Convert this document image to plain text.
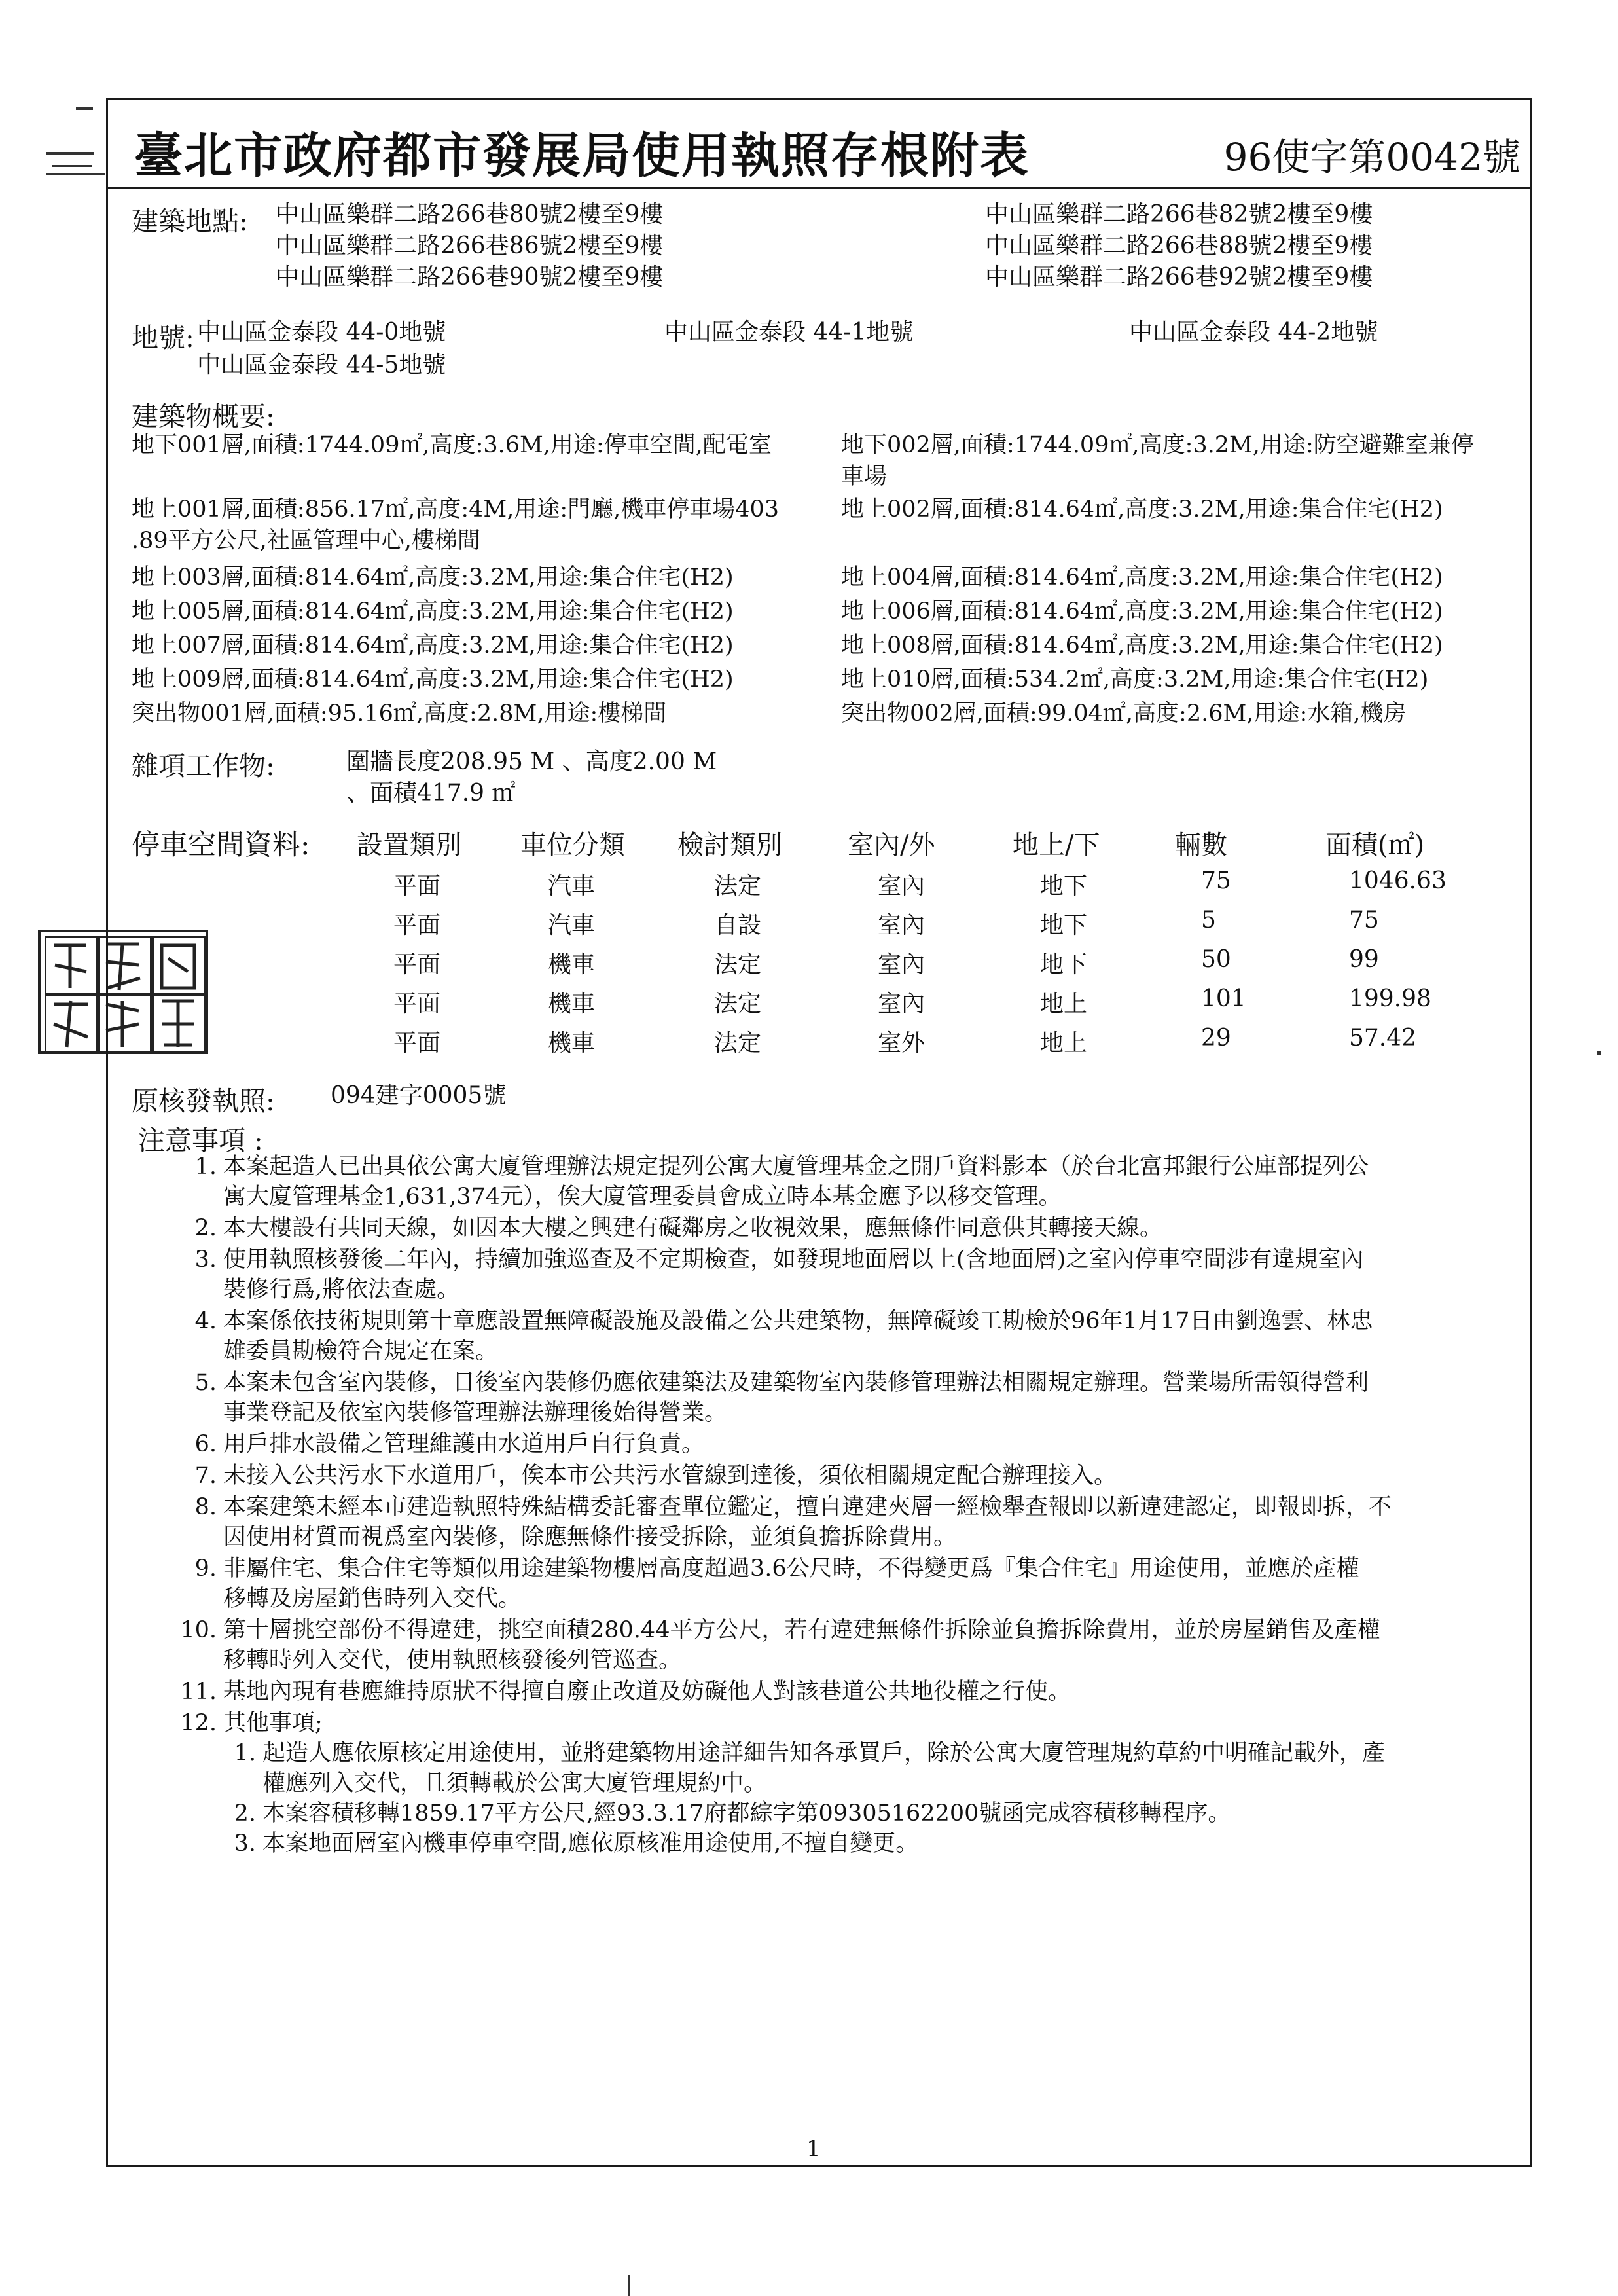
臺北市政府都市發展局使用執照存根附表	96使字第0042號
建築地點: 中山區樂群二路266巷80號2樓至9樓	中山區樂群二路266巷82號2樓至9樓
中山區樂群二路266巷86號2樓至9樓	中山區樂群二路266巷88號2樓至9樓
中山區樂群二路266巷90號2樓至9樓	中山區樂群二路266巷92號2樓至9樓
地號: 中山區金泰段 44-0地號	中山區金泰段 44-1地號	中山區金泰段 44-2地號
中山區金泰段 44-5地號
建築物概要:
地下001層,面積:1744.09㎡,高度:3.6M,用途:停車空間,配電室	地下002層,面積:1744.09㎡,高度:3.2M,用途:防空避難室兼停
車場
地上001層,面積:856.17㎡,高度:4M,用途:門廳,機車停車場403	地上002層,面積:814.64㎡,高度:3.2M,用途:集合住宅(H2)
.89平方公尺,社區管理中心,樓梯間
地上003層,面積:814.64㎡,高度:3.2M,用途:集合住宅(H2)	地上004層,面積:814.64㎡,高度:3.2M,用途:集合住宅(H2)
地上005層,面積:814.64㎡,高度:3.2M,用途:集合住宅(H2)	地上006層,面積:814.64㎡,高度:3.2M,用途:集合住宅(H2)
地上007層,面積:814.64㎡,高度:3.2M,用途:集合住宅(H2)	地上008層,面積:814.64㎡,高度:3.2M,用途:集合住宅(H2)
地上009層,面積:814.64㎡,高度:3.2M,用途:集合住宅(H2)	地上010層,面積:534.2㎡,高度:3.2M,用途:集合住宅(H2)
突出物001層,面積:95.16㎡,高度:2.8M,用途:樓梯間	突出物002層,面積:99.04㎡,高度:2.6M,用途:水箱,機房
雜項工作物:	圍牆長度208.95 M 、高度2.00 M
、面積417.9 ㎡
停車空間資料: 設置類別 車位分類 檢討類別	室內/外	地上/下	輛數	面積(㎡)
平面	汽車	法定	室內	地下	75	1046.63
平面	汽車	自設	室內	地下	5	75
平面	機車	法定	室內	地下	50	99
平面	機車	法定	室內	地上	101	199.98
平面	機車	法定	室外	地上	29	57.42
原核發執照: 094建字0005號
注意事項 :
1. 本案起造人已出具依公寓大廈管理辦法規定提列公寓大廈管理基金之開戶資料影本（於台北富邦銀行公庫部提列公
寓大廈管理基金1,631,374元），俟大廈管理委員會成立時本基金應予以移交管理。
2. 本大樓設有共同天線，如因本大樓之興建有礙鄰房之收視效果，應無條件同意供其轉接天線。
3. 使用執照核發後二年內，持續加強巡查及不定期檢查，如發現地面層以上(含地面層)之室內停車空間涉有違規室內
裝修行爲,將依法查處。
4. 本案係依技術規則第十章應設置無障礙設施及設備之公共建築物，無障礙竣工勘檢於96年1月17日由劉逸雲、林忠
雄委員勘檢符合規定在案。
5. 本案未包含室內裝修，日後室內裝修仍應依建築法及建築物室內裝修管理辦法相關規定辦理。營業場所需領得營利
事業登記及依室內裝修管理辦法辦理後始得營業。
6. 用戶排水設備之管理維護由水道用戶自行負責。
7. 未接入公共污水下水道用戶，俟本市公共污水管線到達後，須依相關規定配合辦理接入。
8. 本案建築未經本市建造執照特殊結構委託審查單位鑑定，擅自違建夾層一經檢舉查報即以新違建認定，即報即拆，不
因使用材質而視爲室內裝修，除應無條件接受拆除，並須負擔拆除費用。
9. 非屬住宅、集合住宅等類似用途建築物樓層高度超過3.6公尺時，不得變更爲『集合住宅』用途使用，並應於產權
移轉及房屋銷售時列入交代。
10. 第十層挑空部份不得違建，挑空面積280.44平方公尺，若有違建無條件拆除並負擔拆除費用，並於房屋銷售及產權
移轉時列入交代，使用執照核發後列管巡查。
11. 基地內現有巷應維持原狀不得擅自廢止改道及妨礙他人對該巷道公共地役權之行使。
12. 其他事項;
1. 起造人應依原核定用途使用，並將建築物用途詳細告知各承買戶，除於公寓大廈管理規約草約中明確記載外，產
權應列入交代，且須轉載於公寓大廈管理規約中。
2. 本案容積移轉1859.17平方公尺,經93.3.17府都綜字第09305162200號函完成容積移轉程序。
3. 本案地面層室內機車停車空間,應依原核准用途使用,不擅自變更。
1
